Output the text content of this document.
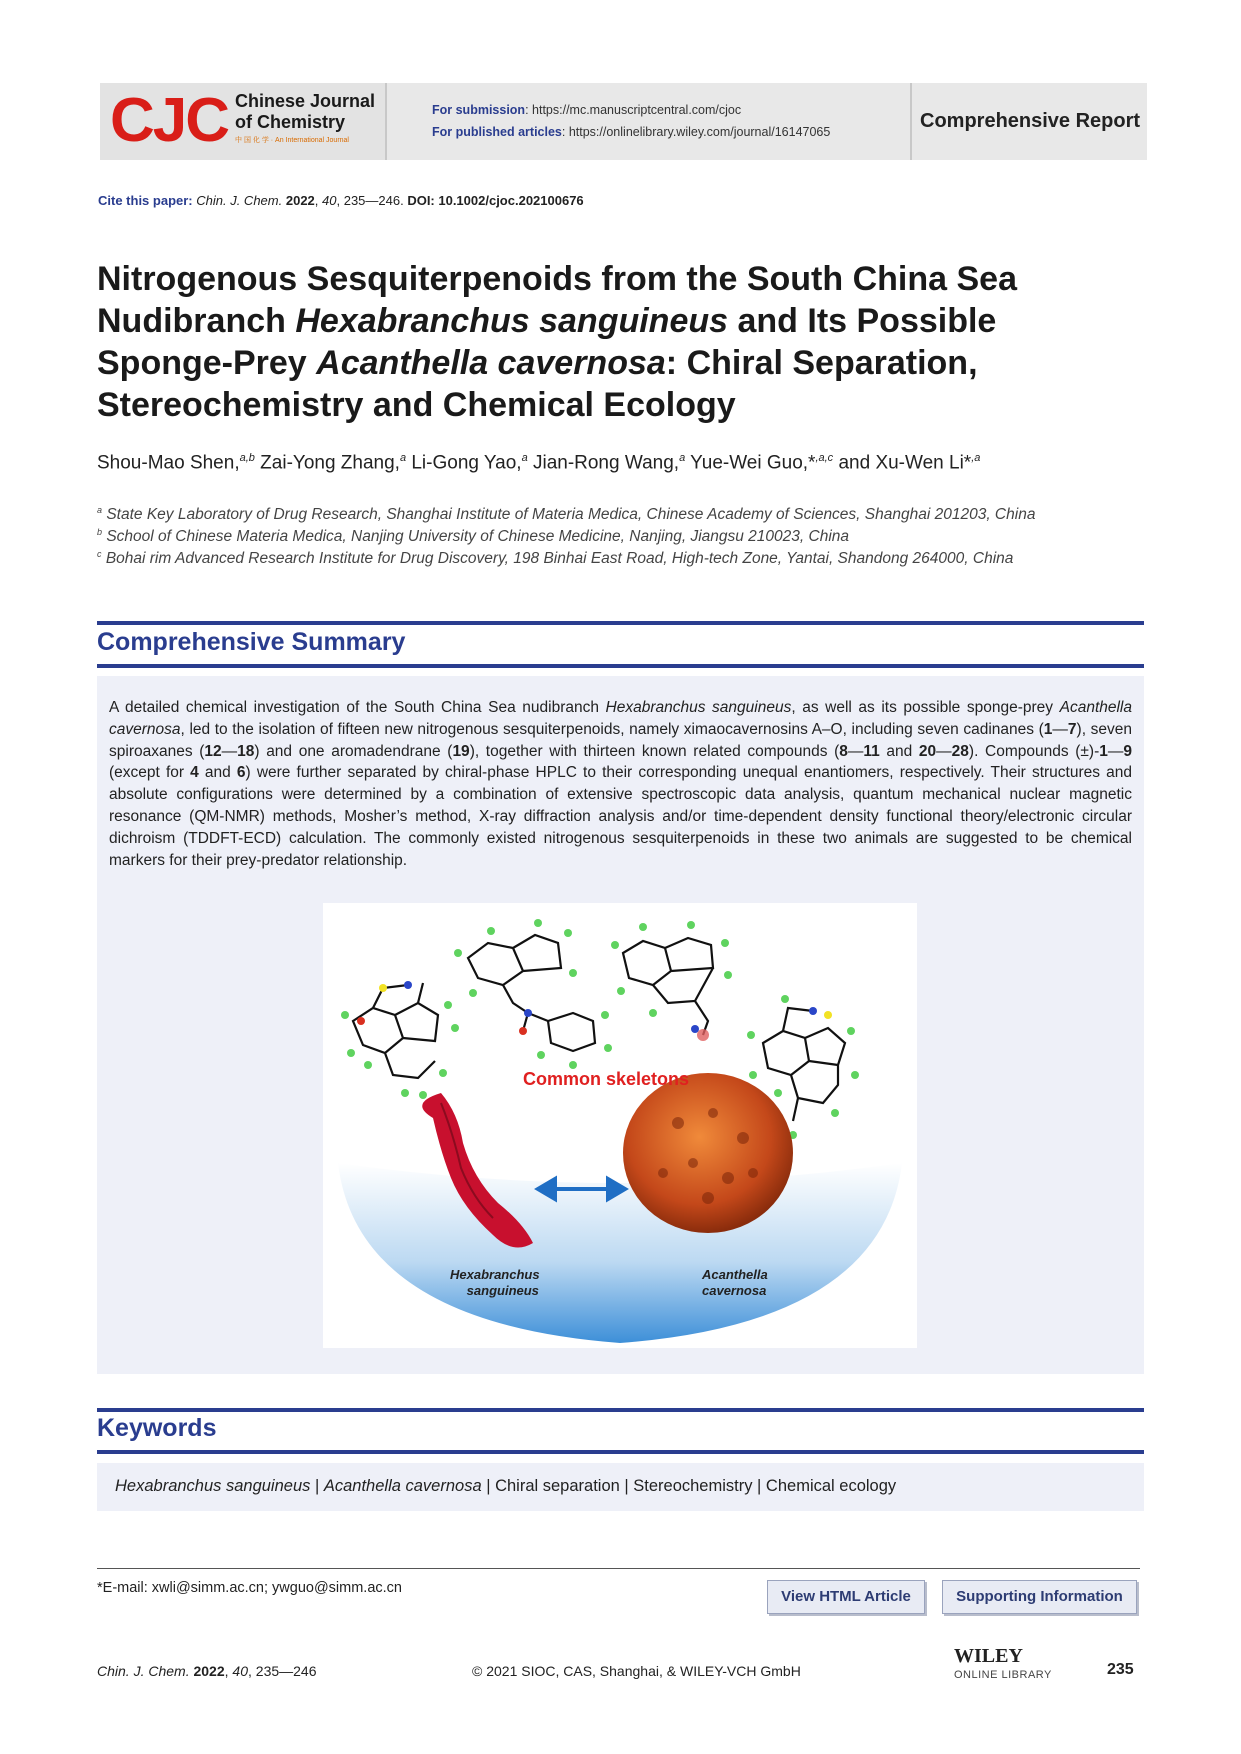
CJC Chinese Journal
of Chemistry
中 国 化 学 · An International Journal
For submission: https://mc.manuscriptcentral.com/cjoc
For published articles: https://onlinelibrary.wiley.com/journal/16147065	Comprehensive Report
Cite this paper: Chin. J. Chem. 2022, 40, 235—246. DOI: 10.1002/cjoc.202100676
Nitrogenous Sesquiterpenoids from the South China Sea Nudibranch Hexabranchus sanguineus and Its Possible Sponge-Prey Acanthella cavernosa: Chiral Separation, Stereochemistry and Chemical Ecology
Shou-Mao Shen,$^{a,b}$ Zai-Yong Zhang,$^a$ Li-Gong Yao,$^a$ Jian-Rong Wang,$^a$ Yue-Wei Guo,*$^{,a,c}$ and Xu-Wen Li*$^{,a}$
$^a$ State Key Laboratory of Drug Research, Shanghai Institute of Materia Medica, Chinese Academy of Sciences, Shanghai 201203, China
$^b$ School of Chinese Materia Medica, Nanjing University of Chinese Medicine, Nanjing, Jiangsu 210023, China
$^c$ Bohai rim Advanced Research Institute for Drug Discovery, 198 Binhai East Road, High-tech Zone, Yantai, Shandong 264000, China
Comprehensive Summary
A detailed chemical investigation of the South China Sea nudibranch Hexabranchus sanguineus, as well as its possible sponge-prey Acanthella cavernosa, led to the isolation of fifteen new nitrogenous sesquiterpenoids, namely ximaocavernosins A–O, including seven cadinanes (1—7), seven spiroaxanes (12—18) and one aromadendrane (19), together with thirteen known related compounds (8—11 and 20—28). Compounds (±)-1—9 (except for 4 and 6) were further separated by chiral-phase HPLC to their corresponding unequal enantiomers, respectively. Their structures and absolute configurations were determined by a combination of extensive spectroscopic data analysis, quantum mechanical nuclear magnetic resonance (QM-NMR) methods, Mosher’s method, X-ray diffraction analysis and/or time-dependent density functional theory/electronic circular dichroism (TDDFT-ECD) calculation. The commonly existed nitrogenous sesquiterpenoids in these two animals are suggested to be chemical markers for their prey-predator relationship.
Common skeletons
Hexabranchus
sanguineus
Acanthella
cavernosa
Keywords
Hexabranchus sanguineus | Acanthella cavernosa | Chiral separation | Stereochemistry | Chemical ecology
*E-mail: xwli@simm.ac.cn; ywguo@simm.ac.cn	View HTML Article	Supporting Information
Chin. J. Chem. 2022, 40, 235—246	© 2021 SIOC, CAS, Shanghai, & WILEY-VCH GmbH
WILEY
ONLINE LIBRARY	235
